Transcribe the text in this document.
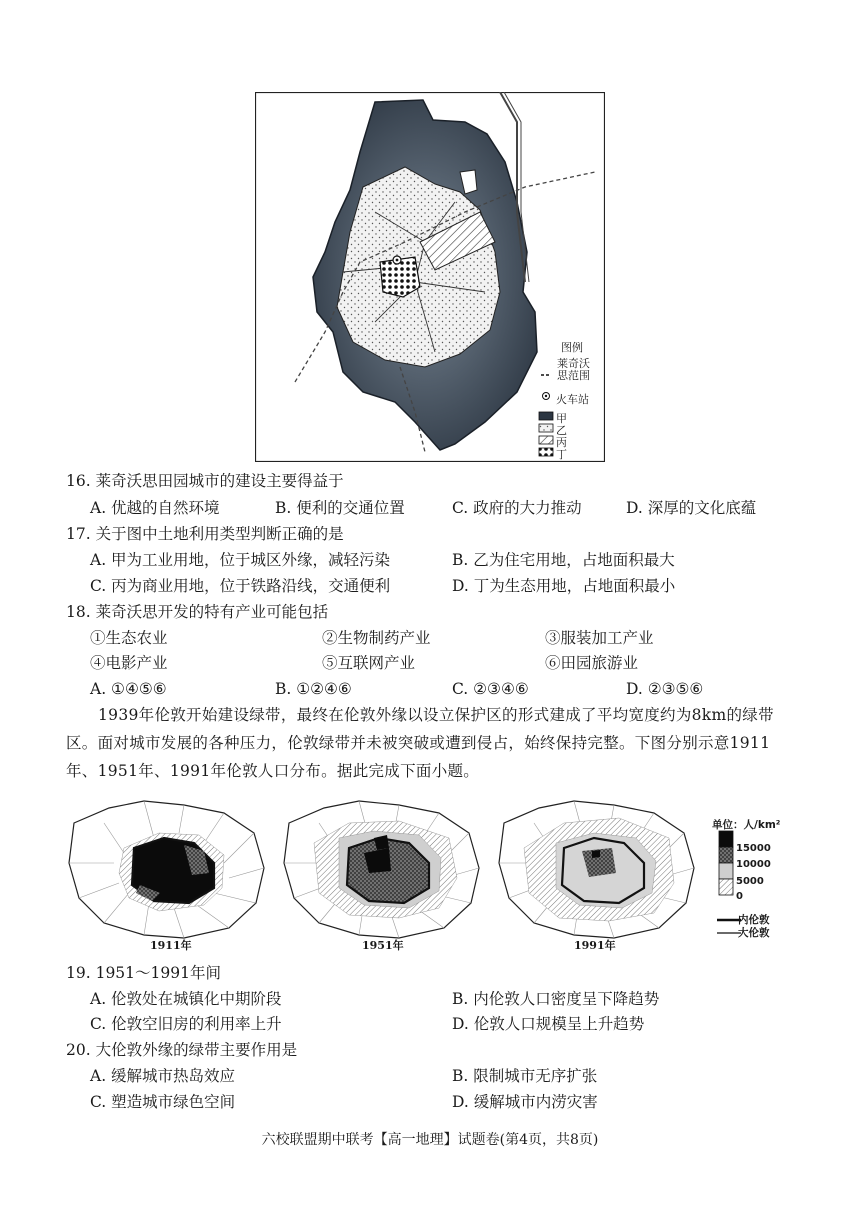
图例
莱奇沃思范围
火车站
甲
乙
丙
丁
16. 莱奇沃思田园城市的建设主要得益于
A. 优越的自然环境	B. 便利的交通位置	C. 政府的大力推动	D. 深厚的文化底蕴
17. 关于图中土地利用类型判断正确的是
A. 甲为工业用地，位于城区外缘，减轻污染	B. 乙为住宅用地，占地面积最大
C. 丙为商业用地，位于铁路沿线，交通便利	D. 丁为生态用地，占地面积最小
18. 莱奇沃思开发的特有产业可能包括
①生态农业	②生物制药产业	③服装加工产业
④电影产业	⑤互联网产业	⑥田园旅游业
A. ①④⑤⑥	B. ①②④⑥	C. ②③④⑥	D. ②③⑤⑥
1939年伦敦开始建设绿带，最终在伦敦外缘以设立保护区的形式建成了平均宽度约为8km的绿带
区。面对城市发展的各种压力，伦敦绿带并未被突破或遭到侵占，始终保持完整。下图分别示意1911
年、1951年、1991年伦敦人口分布。据此完成下面小题。
1911年	1951年	1991年
单位：人/km²
15000
10000
5000
0
内伦敦
大伦敦
19. 1951～1991年间
A. 伦敦处在城镇化中期阶段	B. 内伦敦人口密度呈下降趋势
C. 伦敦空旧房的利用率上升	D. 伦敦人口规模呈上升趋势
20. 大伦敦外缘的绿带主要作用是
A. 缓解城市热岛效应	B. 限制城市无序扩张
C. 塑造城市绿色空间	D. 缓解城市内涝灾害
六校联盟期中联考【高一地理】试题卷(第4页，共8页)
